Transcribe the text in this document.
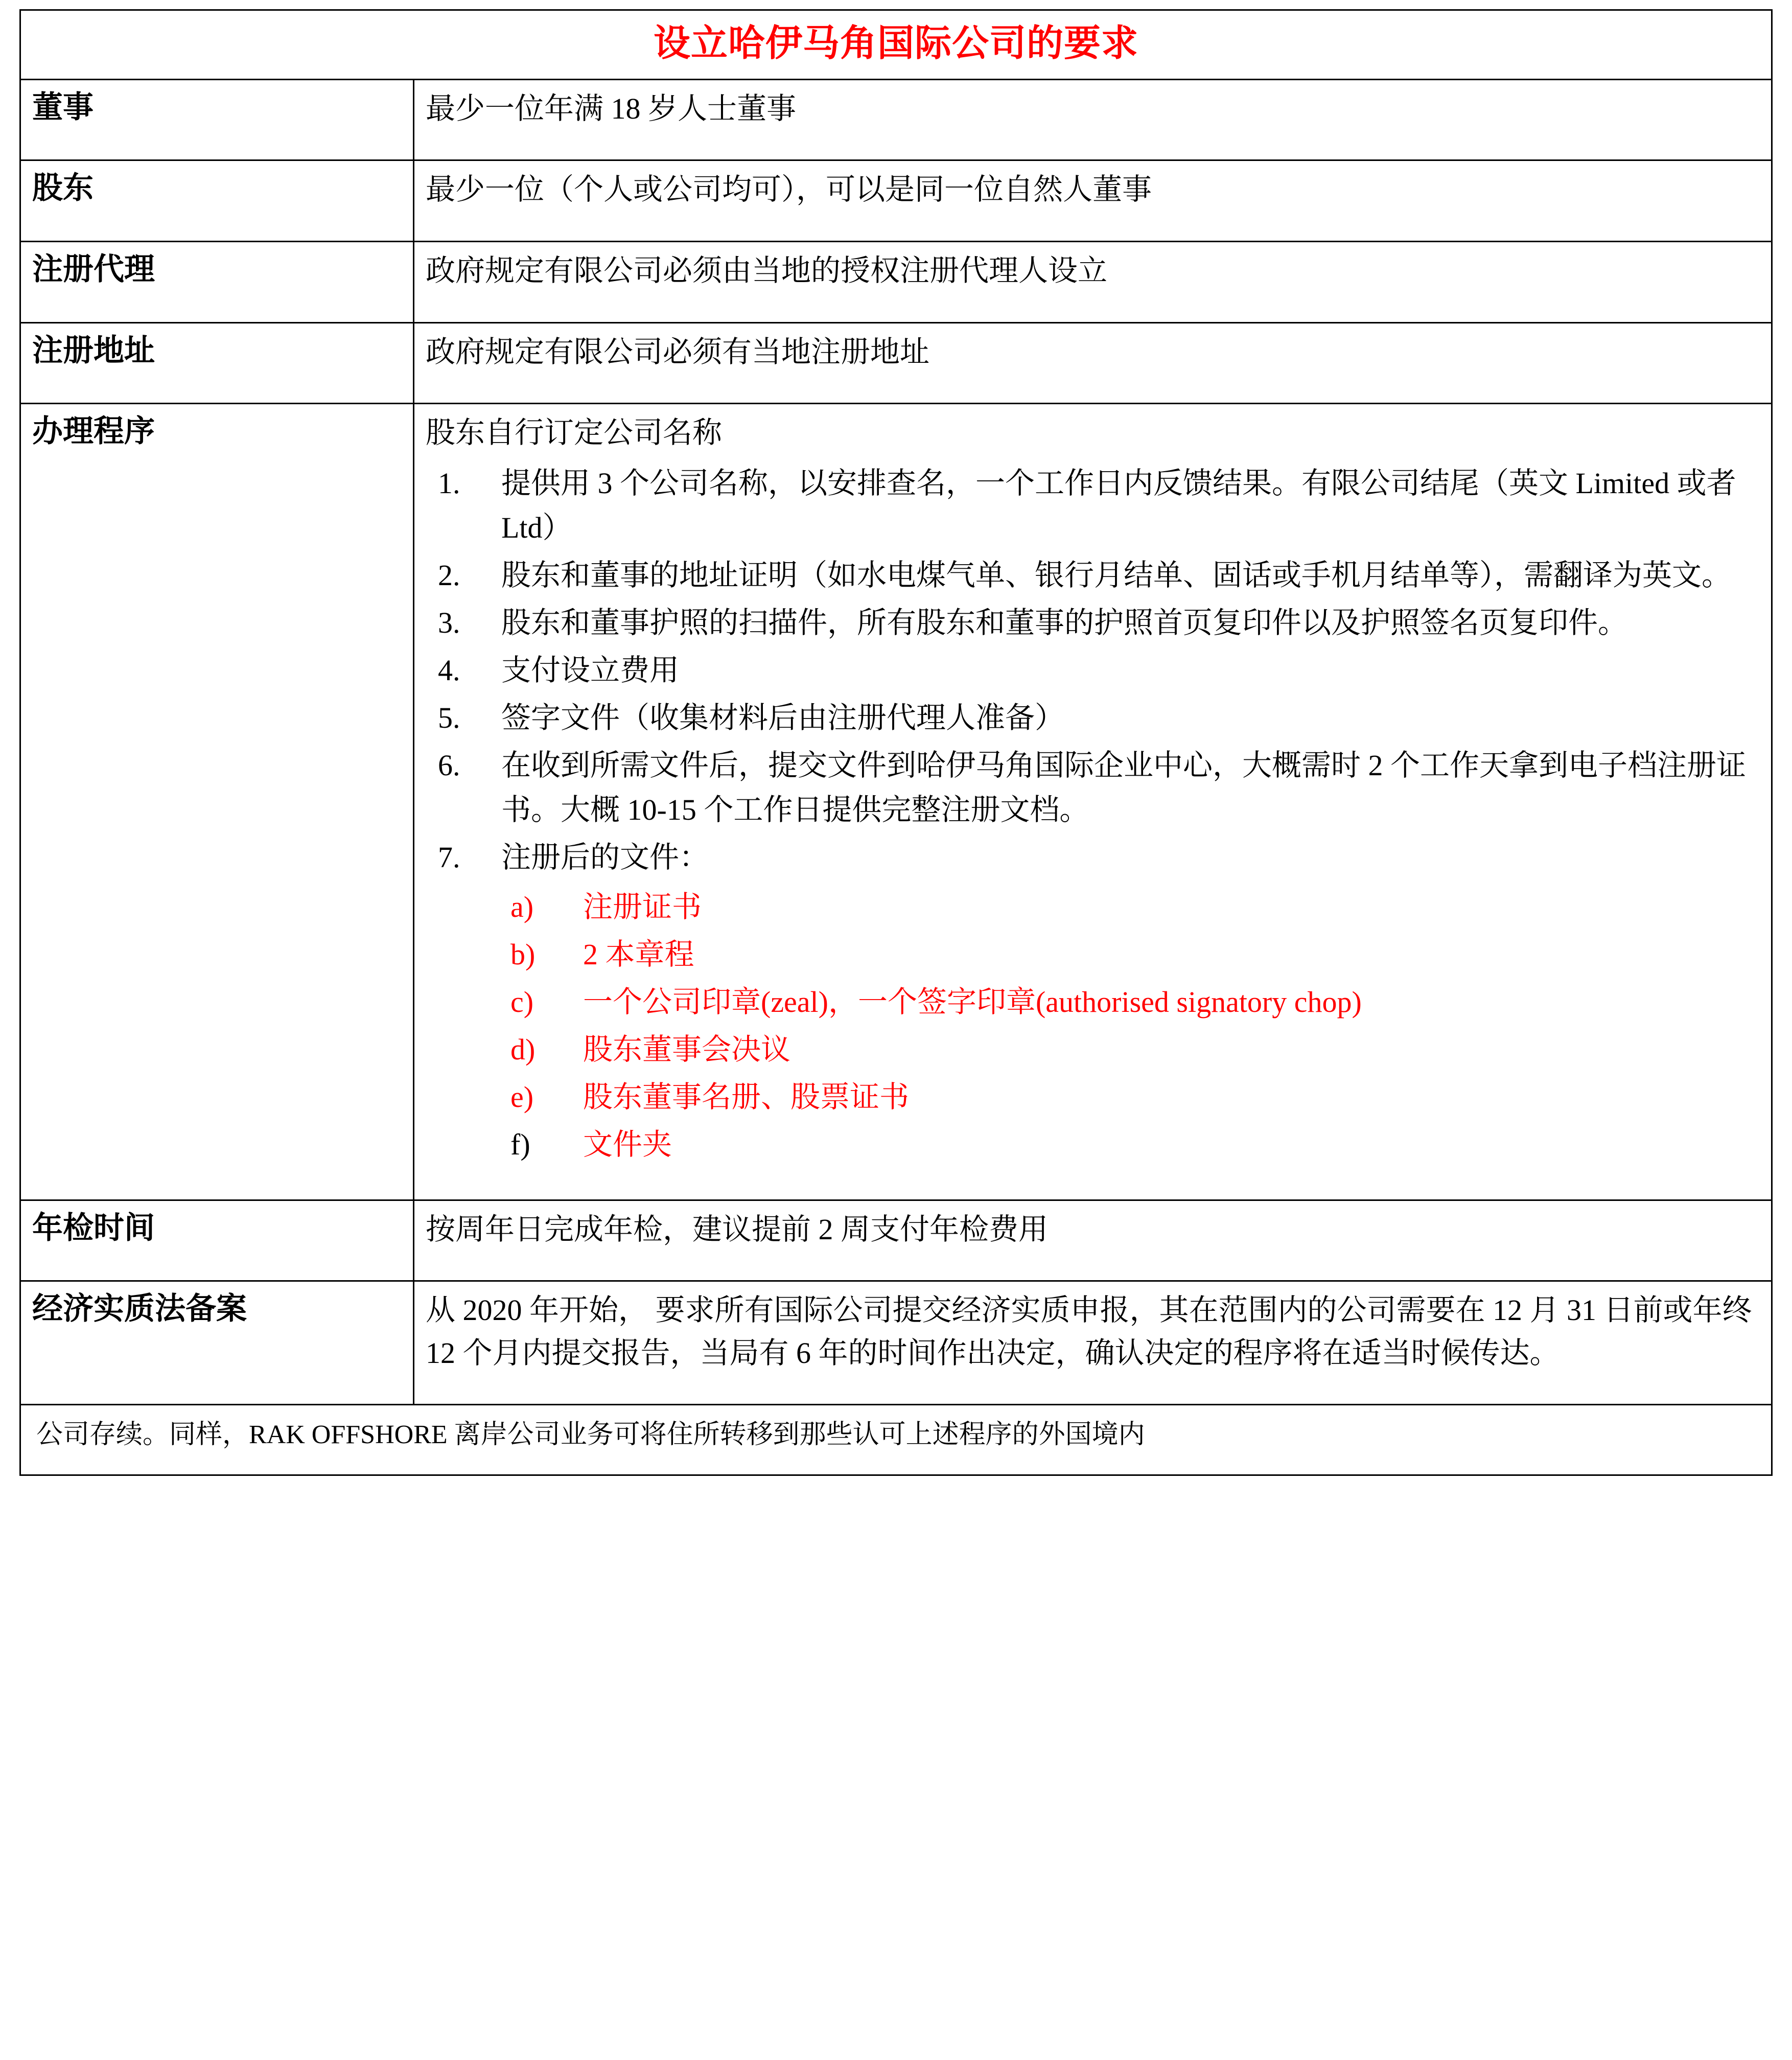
设立哈伊马角国际公司的要求	

董事	最少一位年满 18 岁人士董事

股东	最少一位（个人或公司均可），可以是同一位自然人董事

注册代理	政府规定有限公司必须由当地的授权注册代理人设立

注册地址	政府规定有限公司必须有当地注册地址

办理程序	股东自行订定公司名称
1.	提供用 3 个公司名称，以安排查名，一个工作日内反馈结果。有限公司结尾（英文 Limited 或者Ltd）
2.	股东和董事的地址证明（如水电煤气单、银行月结单、固话或手机月结单等），需翻译为英文。
3.	股东和董事护照的扫描件，所有股东和董事的护照首页复印件以及护照签名页复印件。
4.	支付设立费用
5.	签字文件（收集材料后由注册代理人准备）
6.	在收到所需文件后，提交文件到哈伊马角国际企业中心，大概需时 2 个工作天拿到电子档注册证书。大概 10-15 个工作日提供完整注册文档。
7.	注册后的文件：
a)	注册证书
b)	2 本章程
c)	一个公司印章(zeal)，一个签字印章(authorised signatory chop)
d)	股东董事会决议
e)	股东董事名册、股票证书
f)	文件夹

年检时间	按周年日完成年检，建议提前 2 周支付年检费用

经济实质法备案	从 2020 年开始， 要求所有国际公司提交经济实质申报，其在范围内的公司需要在 12 月 31 日前或年终 12 个月内提交报告，当局有 6 年的时间作出决定，确认决定的程序将在适当时候传达。

公司存续。同样，RAK OFFSHORE 离岸公司业务可将住所转移到那些认可上述程序的外国境内	
